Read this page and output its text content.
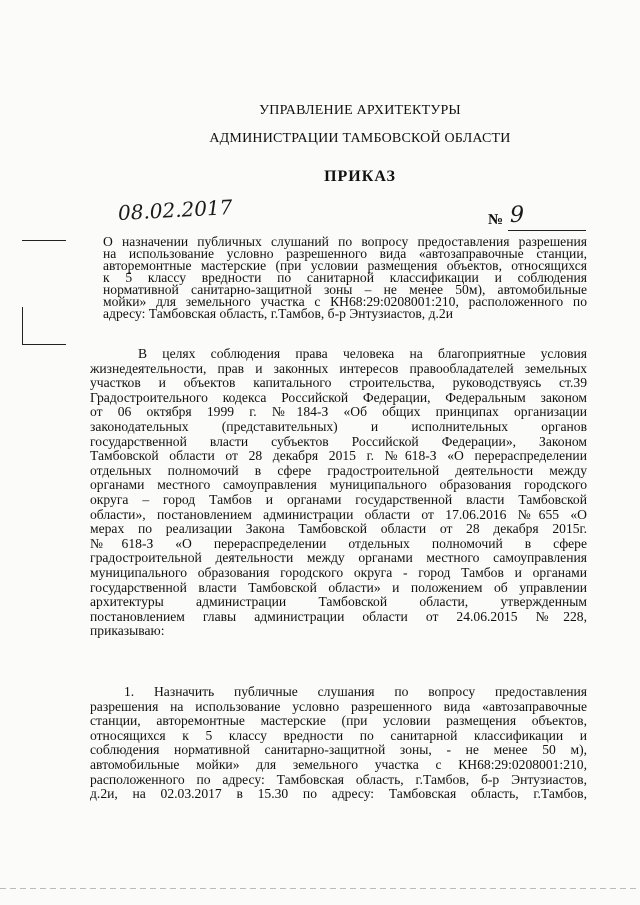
УПРАВЛЕНИЕ АРХИТЕКТУРЫ
АДМИНИСТРАЦИИ ТАМБОВСКОЙ ОБЛАСТИ
ПРИКАЗ
08.02.2017	№ 9

О назначении публичных слушаний по вопросу предоставления разрешения

на использование условно разрешенного вида «автозаправочные станции,

авторемонтные мастерские (при условии размещения объектов, относящихся

к 5 классу вредности по санитарной классификации и соблюдения

нормативной санитарно-защитной зоны – не менее 50м), автомобильные

мойки» для земельного участка с КН68:29:0208001:210, расположенного по

адресу: Тамбовская область, г.Тамбов, б-р Энтузиастов, д.2и

В целях соблюдения права человека на благоприятные условия

жизнедеятельности, прав и законных интересов правообладателей земельных

участков и объектов капитального строительства, руководствуясь ст.39

Градостроительного кодекса Российской Федерации, Федеральным законом

от 06 октября 1999 г. №184-З «Об общих принципах организации

законодательных (представительных) и исполнительных органов

государственной власти субъектов Российской Федерации», Законом

Тамбовской области от 28 декабря 2015 г. №618-З «О перераспределении

отдельных полномочий в сфере градостроительной деятельности между

органами местного самоуправления муниципального образования городского

округа – город Тамбов и органами государственной власти Тамбовской

области», постановлением администрации области от 17.06.2016 №655 «О

мерах по реализации Закона Тамбовской области от 28 декабря 2015г.

№618-З «О перераспределении отдельных полномочий в сфере

градостроительной деятельности между органами местного самоуправления

муниципального образования городского округа - город Тамбов и органами

государственной власти Тамбовской области» и положением об управлении

архитектуры администрации Тамбовской области, утвержденным

постановлением главы администрации области от 24.06.2015 №228,

приказываю:

1. Назначить публичные слушания по вопросу предоставления

разрешения на использование условно разрешенного вида «автозаправочные

станции, авторемонтные мастерские (при условии размещения объектов,

относящихся к 5 классу вредности по санитарной классификации и

соблюдения нормативной санитарно-защитной зоны, - не менее 50 м),

автомобильные мойки» для земельного участка с КН68:29:0208001:210,

расположенного по адресу: Тамбовская область, г.Тамбов, б-р Энтузиастов,

д.2и, на 02.03.2017 в 15.30 по адресу: Тамбовская область, г.Тамбов,
